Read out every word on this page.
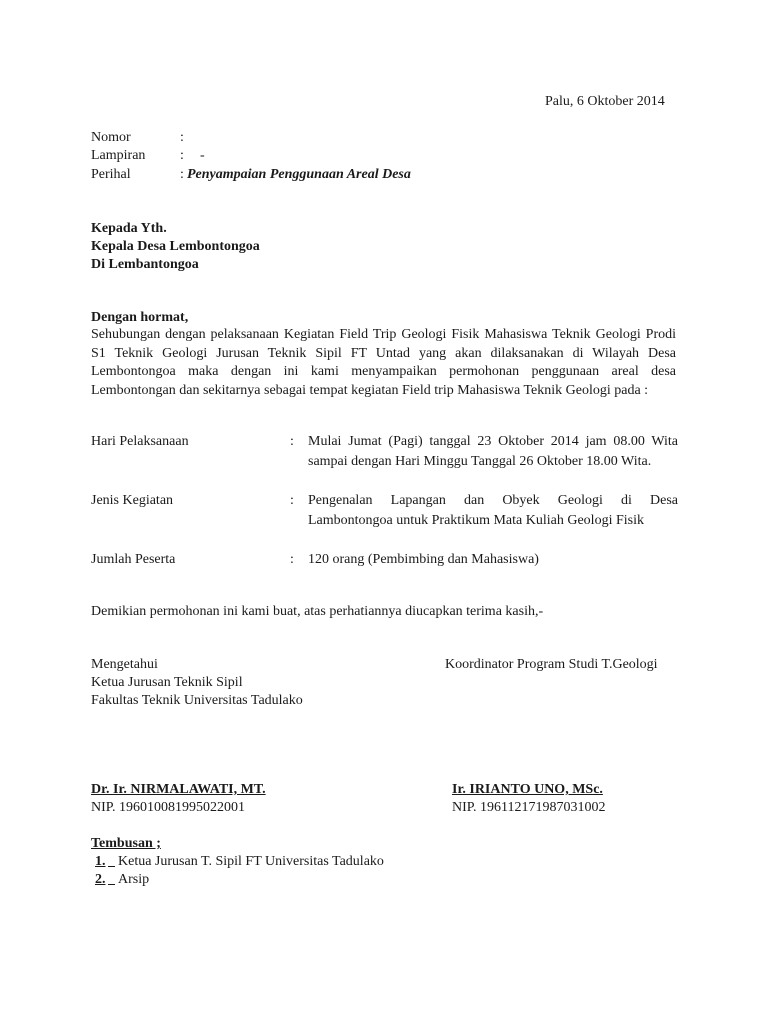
Palu, 6 Oktober 2014
Nomor	:
Lampiran : -
Perihal	: Penyampaian Penggunaan Areal Desa
Kepada Yth.
Kepala Desa Lembontongoa
Di Lembantongoa
Dengan hormat,
Sehubungan dengan pelaksanaan Kegiatan Field Trip Geologi Fisik Mahasiswa Teknik Geologi Prodi S1 Teknik Geologi Jurusan Teknik Sipil FT Untad yang akan dilaksanakan di Wilayah Desa Lembontongoa maka dengan ini kami menyampaikan permohonan penggunaan areal desa Lembontongan dan sekitarnya sebagai tempat kegiatan Field trip Mahasiswa Teknik Geologi pada :
Hari Pelaksanaan	: Mulai Jumat (Pagi) tanggal 23 Oktober 2014 jam 08.00 Wita sampai dengan Hari Minggu Tanggal 26 Oktober 18.00 Wita.
Jenis Kegiatan	: Pengenalan Lapangan dan Obyek Geologi di Desa Lambontongoa untuk Praktikum Mata Kuliah Geologi Fisik
Jumlah Peserta	: 120 orang (Pembimbing dan Mahasiswa)
Demikian permohonan ini kami buat, atas perhatiannya diucapkan terima kasih,-
Mengetahui
Ketua Jurusan Teknik Sipil
Fakultas Teknik Universitas Tadulako
Koordinator Program Studi T.Geologi
Dr. Ir. NIRMALAWATI, MT.
NIP. 196010081995022001
Ir. IRIANTO UNO, MSc.
NIP. 196112171987031002
Tembusan ;
1.
Ketua Jurusan T. Sipil FT Universitas Tadulako
2.
Arsip
